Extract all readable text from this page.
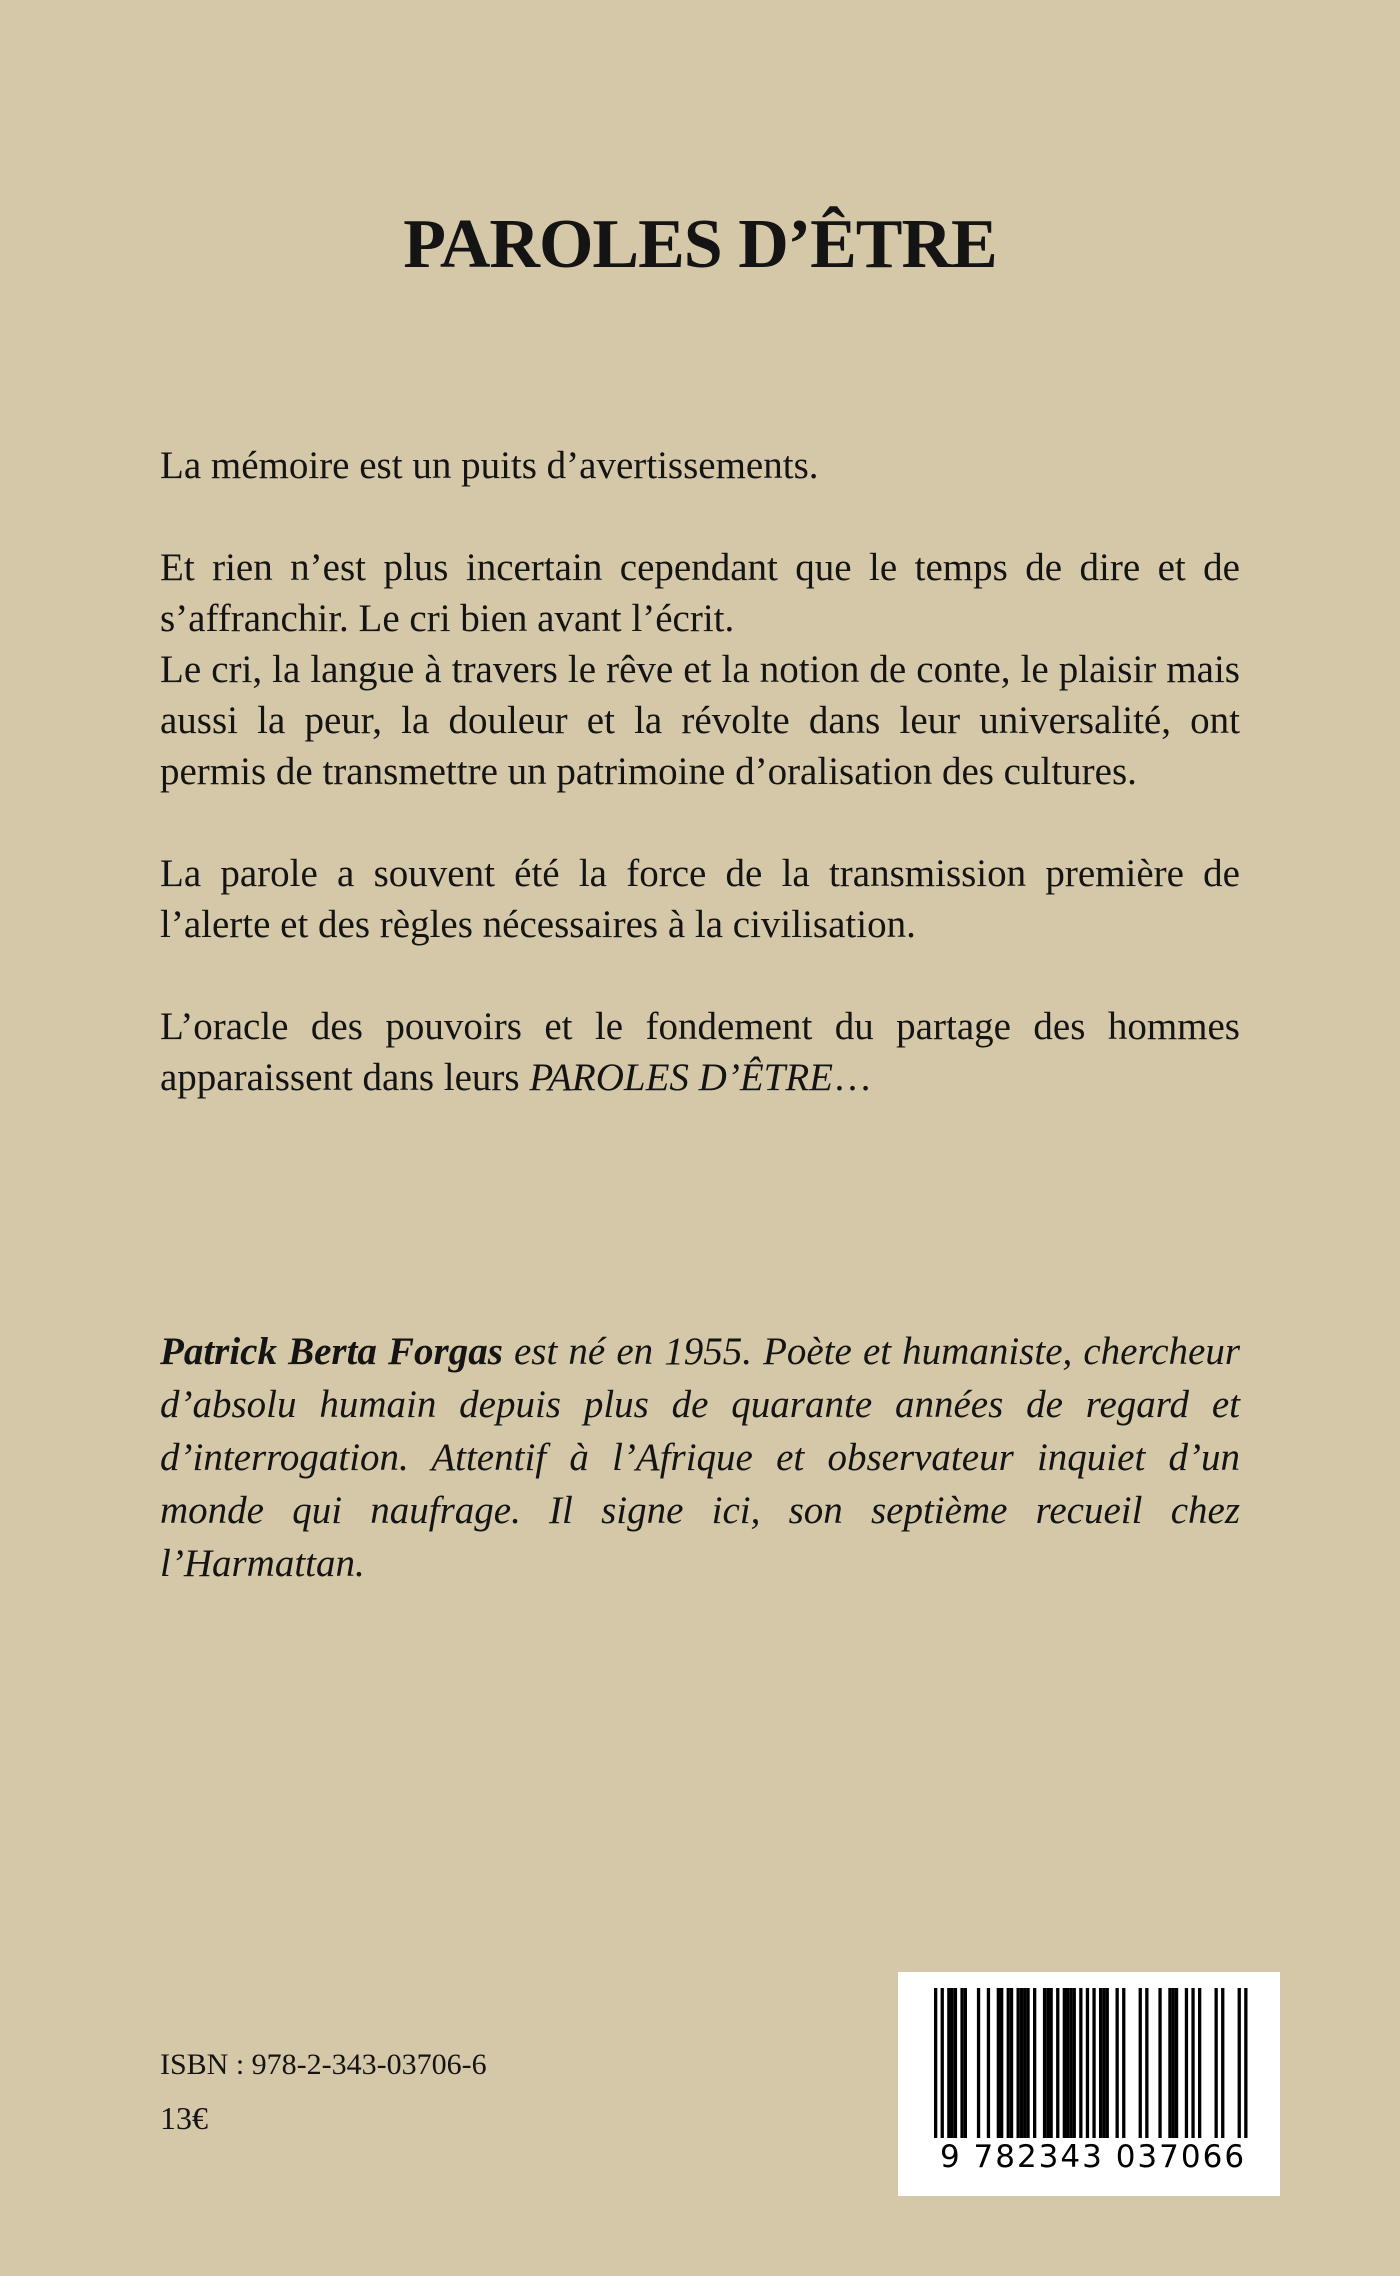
PAROLES D’ÊTRE

La mémoire est un puits d’avertissements.

Et rien n’est plus incertain cependant que le temps de dire et de s’affranchir. Le cri bien avant l’écrit.

Le cri, la langue à travers le rêve et la notion de conte, le plaisir mais aussi la peur, la douleur et la révolte dans leur universalité, ont permis de transmettre un patrimoine d’oralisation des cultures.

La parole a souvent été la force de la transmission première de l’alerte et des règles nécessaires à la civilisation.

L’oracle des pouvoirs et le fondement du partage des hommes apparaissent dans leurs PAROLES D’ÊTRE…

Patrick Berta Forgas est né en 1955. Poète et humaniste, chercheur d’absolu humain depuis plus de quarante années de regard et d’interrogation. Attentif à l’Afrique et observateur inquiet d’un monde qui naufrage. Il signe ici, son septième recueil chez l’Harmattan.

ISBN : 978-2-343-03706-6
13€
9 782343 037066
